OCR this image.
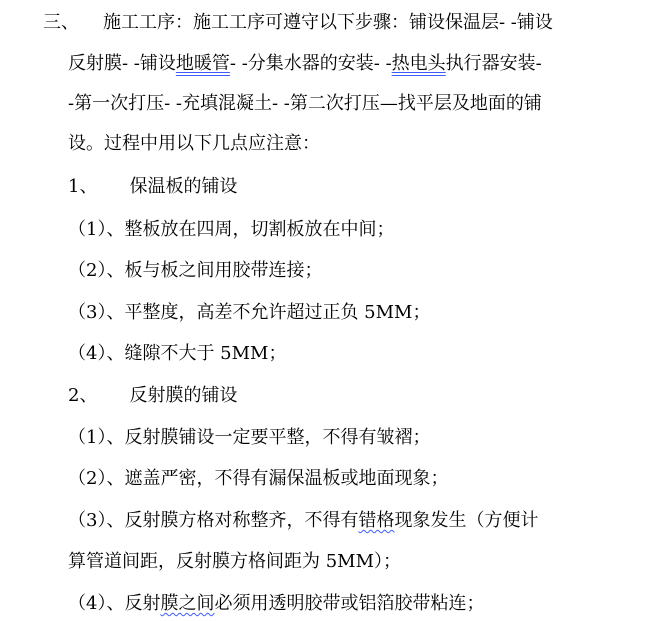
三、 施工工序：施工工序可遵守以下步骤：铺设保温层- -铺设
反射膜- -铺设地暖管- -分集水器的安装- -热电头执行器安装-
-第一次打压- -充填混凝土- -第二次打压—找平层及地面的铺
设。过程中用以下几点应注意：
1、 保温板的铺设
（1）、整板放在四周，切割板放在中间；
（2）、板与板之间用胶带连接；
（3）、平整度，高差不允许超过正负 5MM；
（4）、缝隙不大于 5MM；
2、 反射膜的铺设
（1）、反射膜铺设一定要平整，不得有皱褶；
（2）、遮盖严密，不得有漏保温板或地面现象；
（3）、反射膜方格对称整齐，不得有错格现象发生（方便计
算管道间距，反射膜方格间距为 5MM）；
（4）、反射膜之间必须用透明胶带或铝箔胶带粘连；
